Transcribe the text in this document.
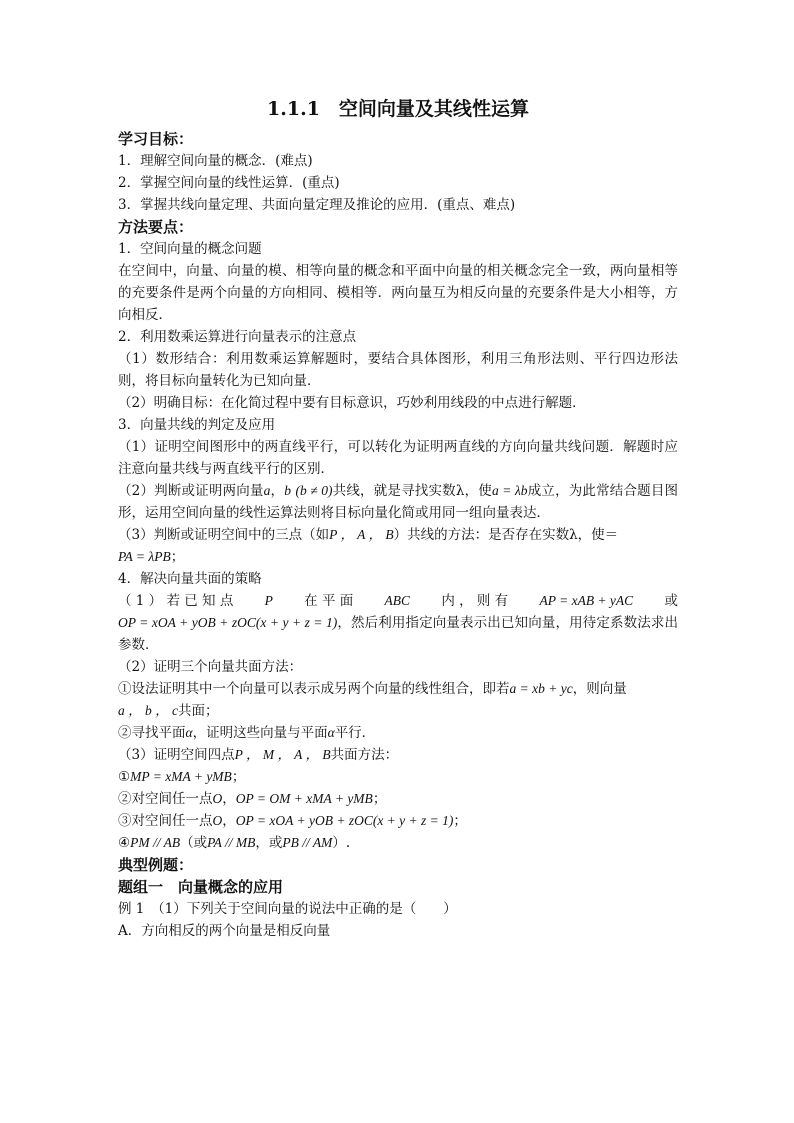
1.1.1　空间向量及其线性运算
学习目标：
1．理解空间向量的概念．(难点)
2．掌握空间向量的线性运算．(重点)
3．掌握共线向量定理、共面向量定理及推论的应用．(重点、难点)
方法要点：
1．空间向量的概念问题
在空间中，向量、向量的模、相等向量的概念和平面中向量的相关概念完全一致，两向量相等的充要条件是两个向量的方向相同、模相等．两向量互为相反向量的充要条件是大小相等，方向相反．
2．利用数乘运算进行向量表示的注意点
（1）数形结合：利用数乘运算解题时，要结合具体图形，利用三角形法则、平行四边形法则，将目标向量转化为已知向量．
（2）明确目标：在化简过程中要有目标意识，巧妙利用线段的中点进行解题．
3．向量共线的判定及应用
（1）证明空间图形中的两直线平行，可以转化为证明两直线的方向向量共线问题．解题时应注意向量共线与两直线平行的区别．
（2）判断或证明两向量a，b (b ≠ 0)共线，就是寻找实数λ，使a = λb成立，为此常结合题目图形，运用空间向量的线性运算法则将目标向量化简或用同一组向量表达．
（3）判断或证明空间中的三点（如P ， A ， B）共线的方法：是否存在实数λ，使＝
PA = λPB；
4．解决向量共面的策略
（ 1 ） 若 已 知 点 P 在 平 面 ABC 内 ， 则 有 AP = xAB + yAC 或
OP = xOA + yOB + zOC(x + y + z = 1)，然后利用指定向量表示出已知向量，用待定系数法求出参数．
（2）证明三个向量共面方法：
①设法证明其中一个向量可以表示成另两个向量的线性组合，即若a = xb + yc，则向量
a ， b ， c共面；
②寻找平面α，证明这些向量与平面α平行．
（3）证明空间四点P ， M ， A ， B共面方法：
①MP = xMA + yMB；
②对空间任一点O，OP = OM + xMA + yMB；
③对空间任一点O，OP = xOA + yOB + zOC(x + y + z = 1)；
④PM // AB（或PA // MB，或PB // AM）.
典型例题：
题组一　向量概念的应用
例 1　（1）下列关于空间向量的说法中正确的是（　　）
A．方向相反的两个向量是相反向量
